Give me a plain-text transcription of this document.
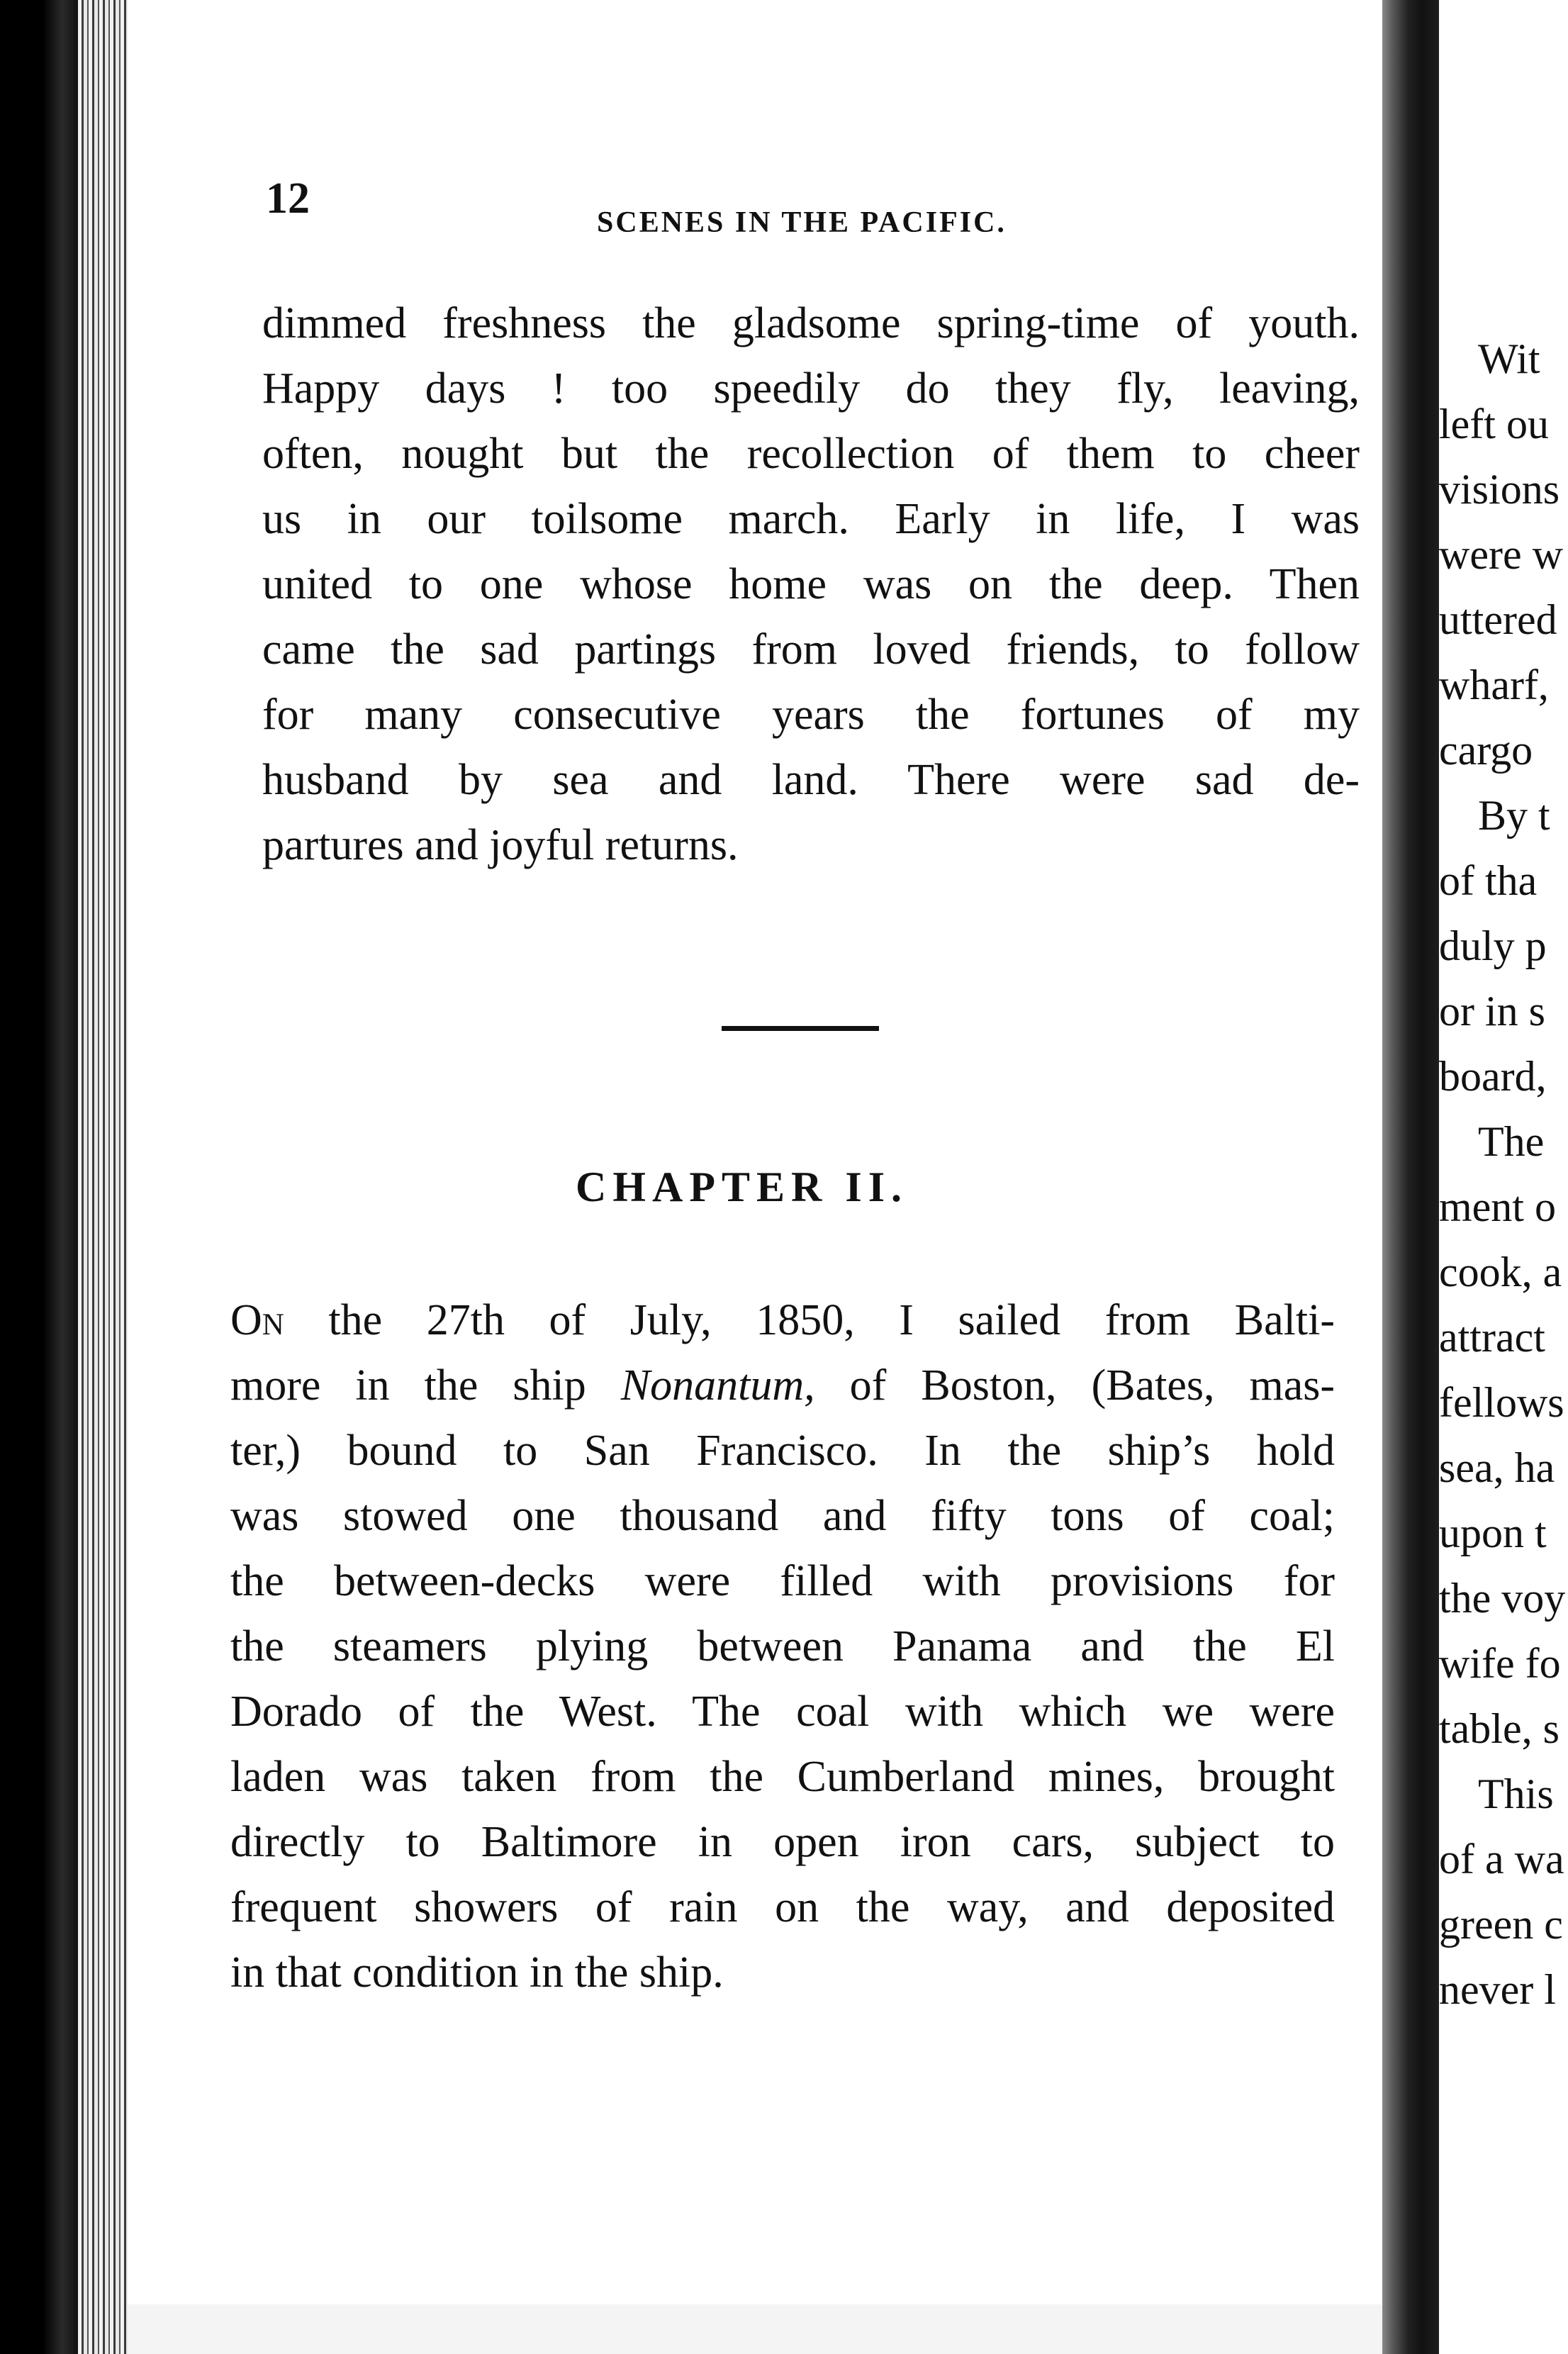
12	SCENES IN THE PACIFIC.
dimmed freshness the gladsome spring-time of youth.
Happy days ! too speedily do they fly, leaving,
often, nought but the recollection of them to cheer
us in our toilsome march. Early in life, I was
united to one whose home was on the deep. Then
came the sad partings from loved friends, to follow
for many consecutive years the fortunes of my
husband by sea and land. There were sad de-
partures and joyful returns.
CHAPTER II.
On the 27th of July, 1850, I sailed from Balti-
more in the ship Nonantum, of Boston, (Bates, mas-
ter,) bound to San Francisco. In the ship’s hold
was stowed one thousand and fifty tons of coal;
the between-decks were filled with provisions for
the steamers plying between Panama and the El
Dorado of the West. The coal with which we were
laden was taken from the Cumberland mines, brought
directly to Baltimore in open iron cars, subject to
frequent showers of rain on the way, and deposited
in that condition in the ship.
Wit
left ou
visions
were w
uttered
wharf,
cargo
By t
of tha
duly p
or in s
board,
The
ment o
cook, a
attract
fellows
sea, ha
upon t
the voy
wife fo
table, s
This
of a wa
green c
never l
